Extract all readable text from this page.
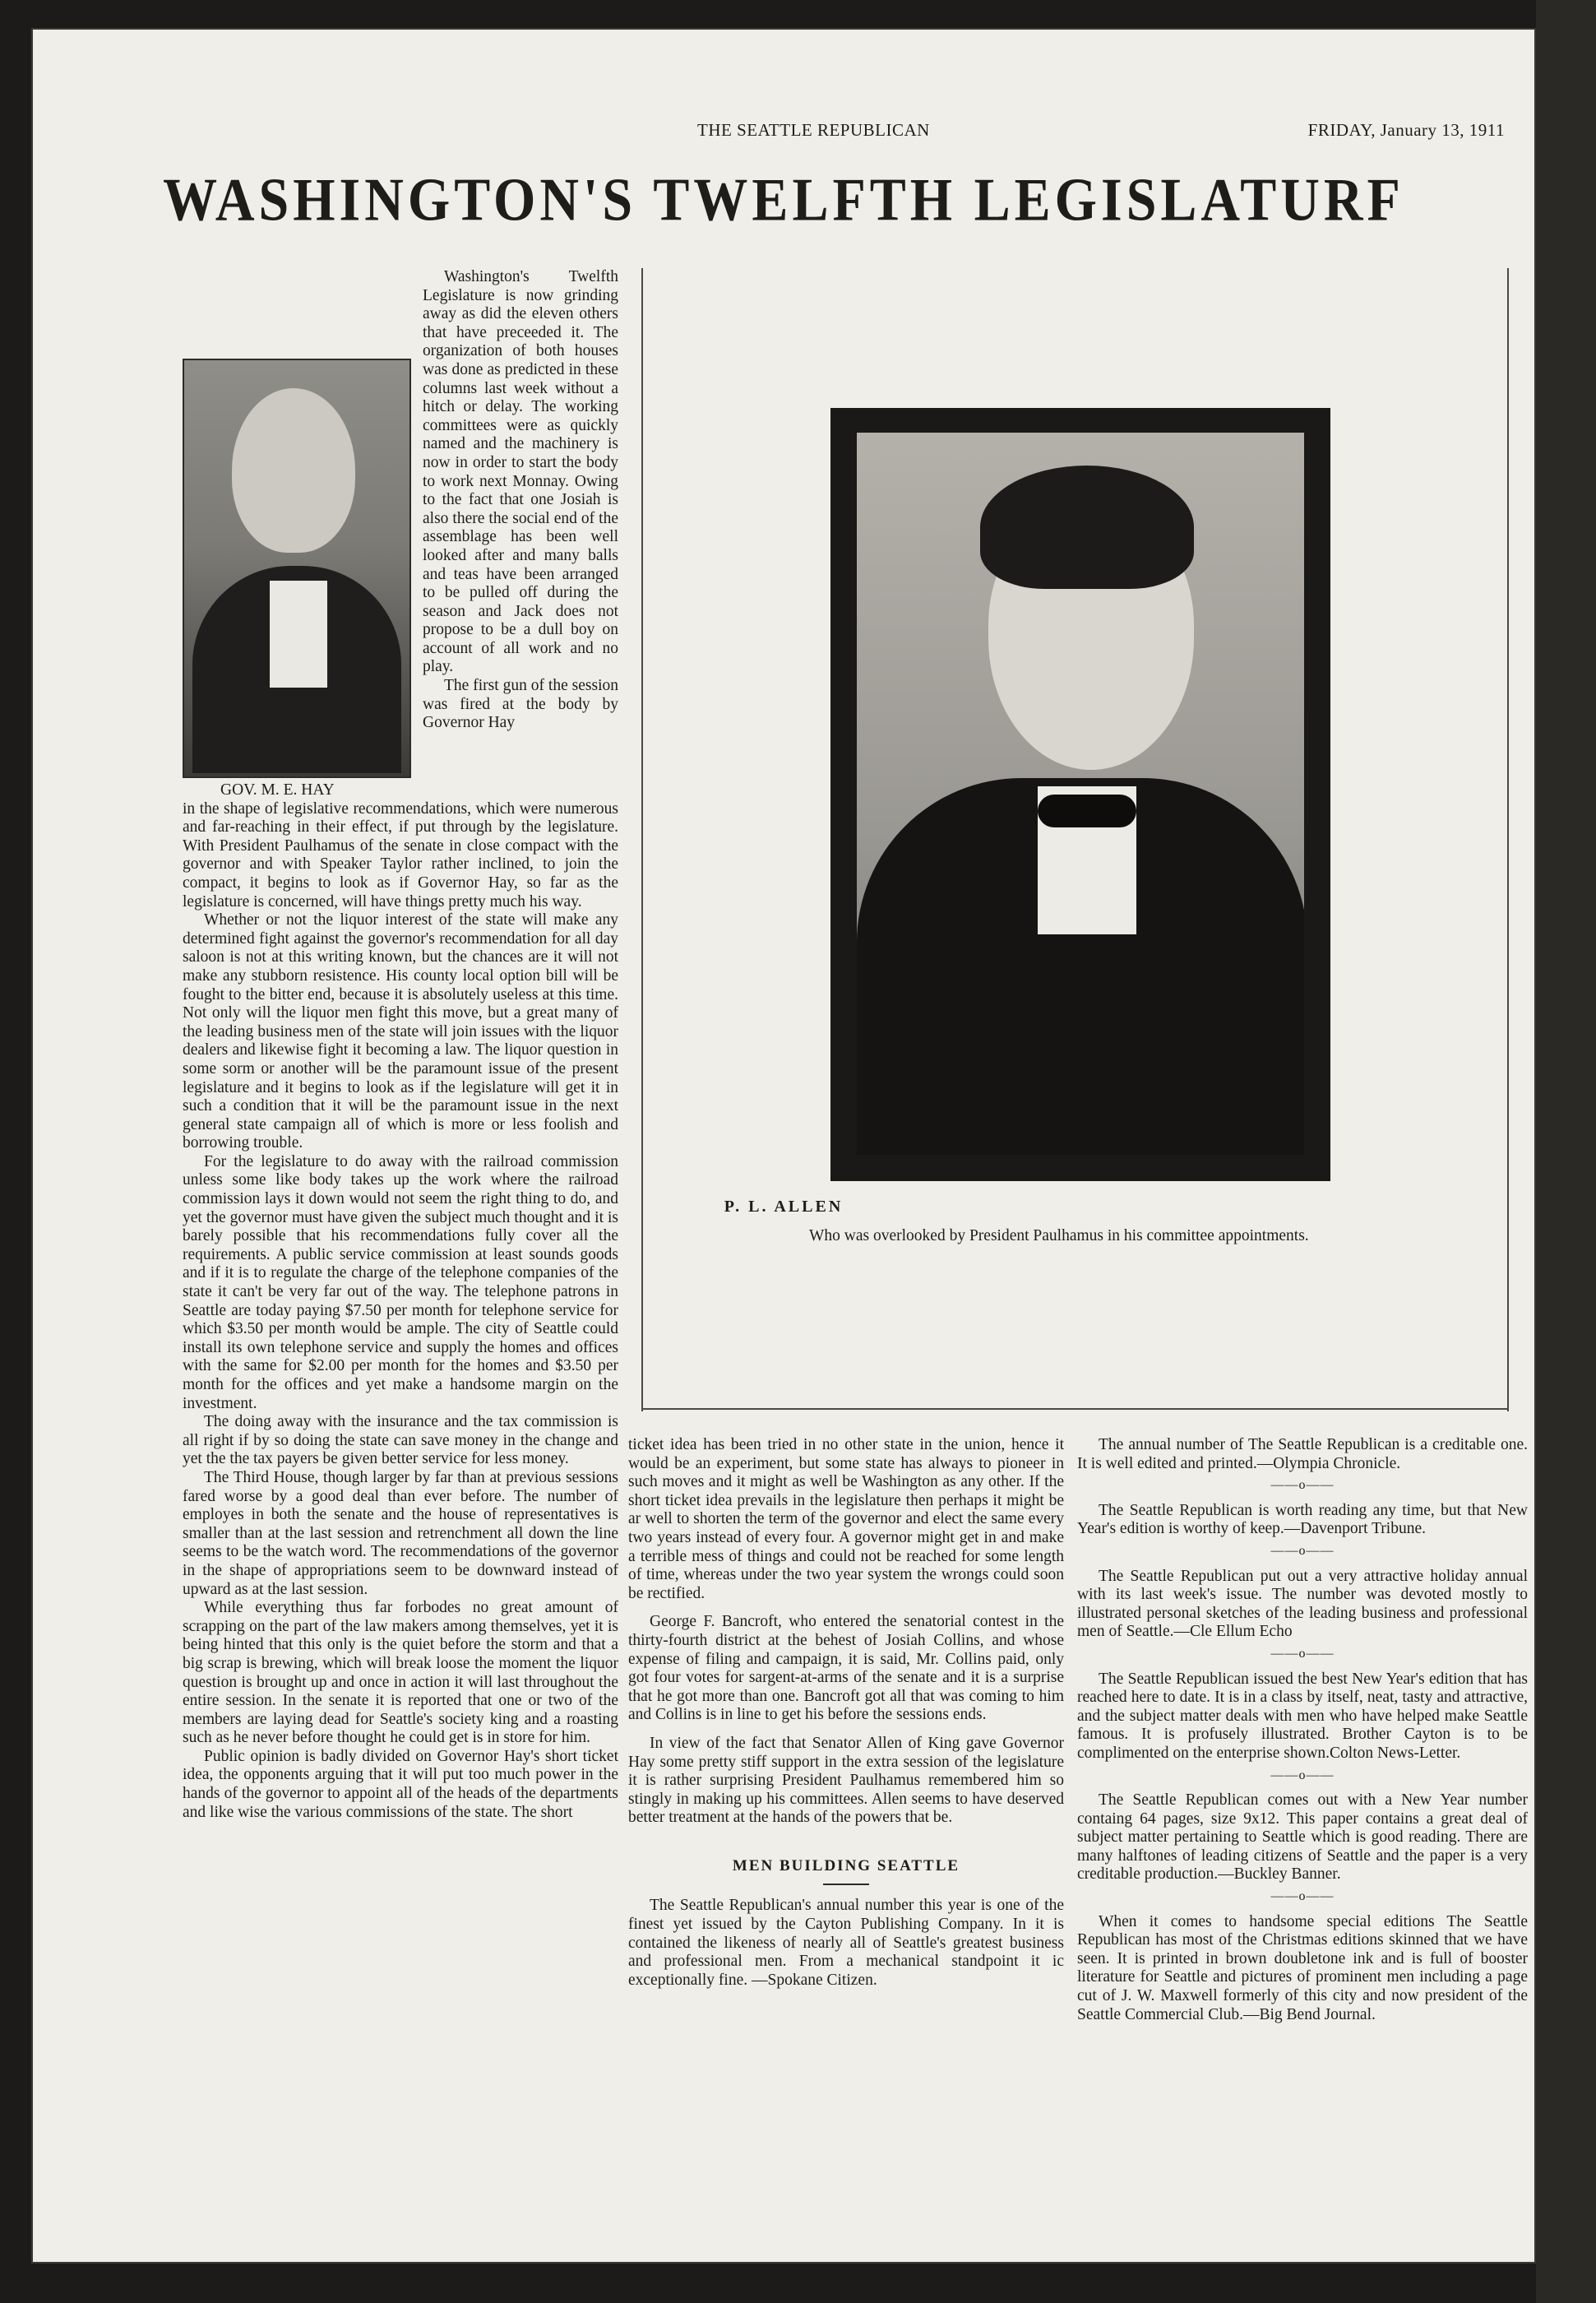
THE SEATTLE REPUBLICAN	FRIDAY, January 13, 1911
WASHINGTON'S TWELFTH LEGISLATURF

Washington's Twelfth Legislature is now grinding away as did the eleven others that have preceeded it. The organization of both houses was done as predicted in these columns last week without a hitch or delay. The working committees were as quickly named and the machinery is now in order to start the body to work next Monnay. Owing to the fact that one Josiah is also there the social end of the assemblage has been well looked after and many balls and teas have been arranged to be pulled off during the season and Jack does not propose to be a dull boy on account of all work and no play.

The first gun of the session was fired at the body by Governor Hay

GOV. M. E. HAY

in the shape of legislative recommendations, which were numerous and far-reaching in their effect, if put through by the legislature. With President Paulhamus of the senate in close compact with the governor and with Speaker Taylor rather inclined, to join the compact, it begins to look as if Governor Hay, so far as the legislature is concerned, will have things pretty much his way.

Whether or not the liquor interest of the state will make any determined fight against the governor's recommendation for all day saloon is not at this writing known, but the chances are it will not make any stubborn resistence. His county local option bill will be fought to the bitter end, because it is absolutely useless at this time. Not only will the liquor men fight this move, but a great many of the leading business men of the state will join issues with the liquor dealers and likewise fight it becoming a law. The liquor question in some sorm or another will be the paramount issue of the present legislature and it begins to look as if the legislature will get it in such a condition that it will be the paramount issue in the next general state campaign all of which is more or less foolish and borrowing trouble.

For the legislature to do away with the railroad commission unless some like body takes up the work where the railroad commission lays it down would not seem the right thing to do, and yet the governor must have given the subject much thought and it is barely possible that his recommendations fully cover all the requirements. A public service commission at least sounds goods and if it is to regulate the charge of the telephone companies of the state it can't be very far out of the way. The telephone patrons in Seattle are today paying $7.50 per month for telephone service for which $3.50 per month would be ample. The city of Seattle could install its own telephone service and supply the homes and offices with the same for $2.00 per month for the homes and $3.50 per month for the offices and yet make a handsome margin on the investment.

The doing away with the insurance and the tax commission is all right if by so doing the state can save money in the change and yet the the tax payers be given better service for less money.

The Third House, though larger by far than at previous sessions fared worse by a good deal than ever before. The number of employes in both the senate and the house of representatives is smaller than at the last session and retrenchment all down the line seems to be the watch word. The recommendations of the governor in the shape of appropriations seem to be downward instead of upward as at the last session.

While everything thus far forbodes no great amount of scrapping on the part of the law makers among themselves, yet it is being hinted that this only is the quiet before the storm and that a big scrap is brewing, which will break loose the moment the liquor question is brought up and once in action it will last throughout the entire session. In the senate it is reported that one or two of the members are laying dead for Seattle's society king and a roasting such as he never before thought he could get is in store for him.

Public opinion is badly divided on Governor Hay's short ticket idea, the opponents arguing that it will put too much power in the hands of the governor to appoint all of the heads of the departments and like wise the various commissions of the state. The short

P. L. ALLEN
Who was overlooked by President Paulhamus in his committee appointments.

ticket idea has been tried in no other state in the union, hence it would be an experiment, but some state has always to pioneer in such moves and it might as well be Washington as any other. If the short ticket idea prevails in the legislature then perhaps it might be ar well to shorten the term of the governor and elect the same every two years instead of every four. A governor might get in and make a terrible mess of things and could not be reached for some length of time, whereas under the two year system the wrongs could soon be rectified.

George F. Bancroft, who entered the senatorial contest in the thirty-fourth district at the behest of Josiah Collins, and whose expense of filing and campaign, it is said, Mr. Collins paid, only got four votes for sargent-at-arms of the senate and it is a surprise that he got more than one. Bancroft got all that was coming to him and Collins is in line to get his before the sessions ends.

In view of the fact that Senator Allen of King gave Governor Hay some pretty stiff support in the extra session of the legislature it is rather surprising President Paulhamus remembered him so stingly in making up his committees. Allen seems to have deserved better treatment at the hands of the powers that be.

MEN BUILDING SEATTLE

The Seattle Republican's annual number this year is one of the finest yet issued by the Cayton Publishing Company. In it is contained the likeness of nearly all of Seattle's greatest business and professional men. From a mechanical standpoint it ic exceptionally fine. —Spokane Citizen.

The annual number of The Seattle Republican is a creditable one. It is well edited and printed.—Olympia Chronicle.

——o——

The Seattle Republican is worth reading any time, but that New Year's edition is worthy of keep.—Davenport Tribune.

——o——

The Seattle Republican put out a very attractive holiday annual with its last week's issue. The number was devoted mostly to illustrated personal sketches of the leading business and professional men of Seattle.—Cle Ellum Echo

——o——

The Seattle Republican issued the best New Year's edition that has reached here to date. It is in a class by itself, neat, tasty and attractive, and the subject matter deals with men who have helped make Seattle famous. It is profusely illustrated. Brother Cayton is to be complimented on the enterprise shown.Colton News-Letter.

——o——

The Seattle Republican comes out with a New Year number containg 64 pages, size 9x12. This paper contains a great deal of subject matter pertaining to Seattle which is good reading. There are many halftones of leading citizens of Seattle and the paper is a very creditable production.—Buckley Banner.

——o——

When it comes to handsome special editions The Seattle Republican has most of the Christmas editions skinned that we have seen. It is printed in brown doubletone ink and is full of booster literature for Seattle and pictures of prominent men including a page cut of J. W. Maxwell formerly of this city and now president of the Seattle Commercial Club.—Big Bend Journal.
